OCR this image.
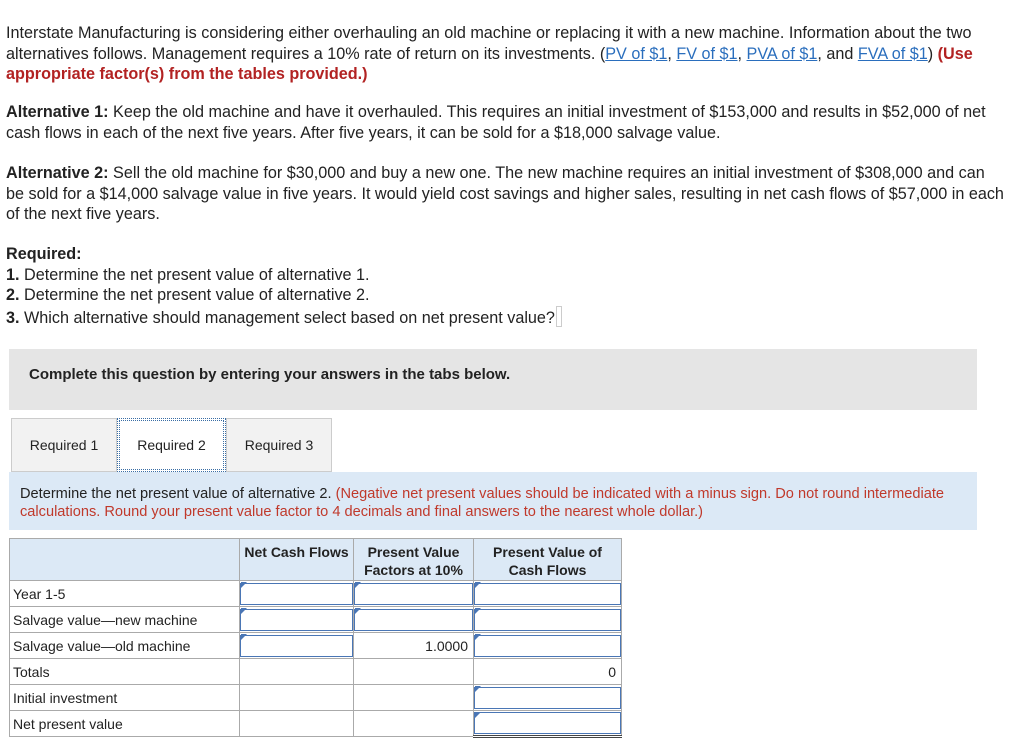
Interstate Manufacturing is considering either overhauling an old machine or replacing it with a new machine. Information about the two alternatives follows. Management requires a 10% rate of return on its investments. (PV of $1, FV of $1, PVA of $1, and FVA of $1) (Use appropriate factor(s) from the tables provided.)
Alternative 1: Keep the old machine and have it overhauled. This requires an initial investment of $153,000 and results in $52,000 of net cash flows in each of the next five years. After five years, it can be sold for a $18,000 salvage value.
Alternative 2: Sell the old machine for $30,000 and buy a new one. The new machine requires an initial investment of $308,000 and can be sold for a $14,000 salvage value in five years. It would yield cost savings and higher sales, resulting in net cash flows of $57,000 in each of the next five years.
Required:
1. Determine the net present value of alternative 1.
2. Determine the net present value of alternative 2.
3. Which alternative should management select based on net present value?
Complete this question by entering your answers in the tabs below.
Required 1	Required 2	Required 3
Determine the net present value of alternative 2. (Negative net present values should be indicated with a minus sign. Do not round intermediate calculations. Round your present value factor to 4 decimals and final answers to the nearest whole dollar.)
	Net Cash Flows	Present Value Factors at 10%	Present Value of Cash Flows
Year 1-5			
Salvage value—new machine			
Salvage value—old machine		1.0000	
Totals			0
Initial investment			
Net present value			
